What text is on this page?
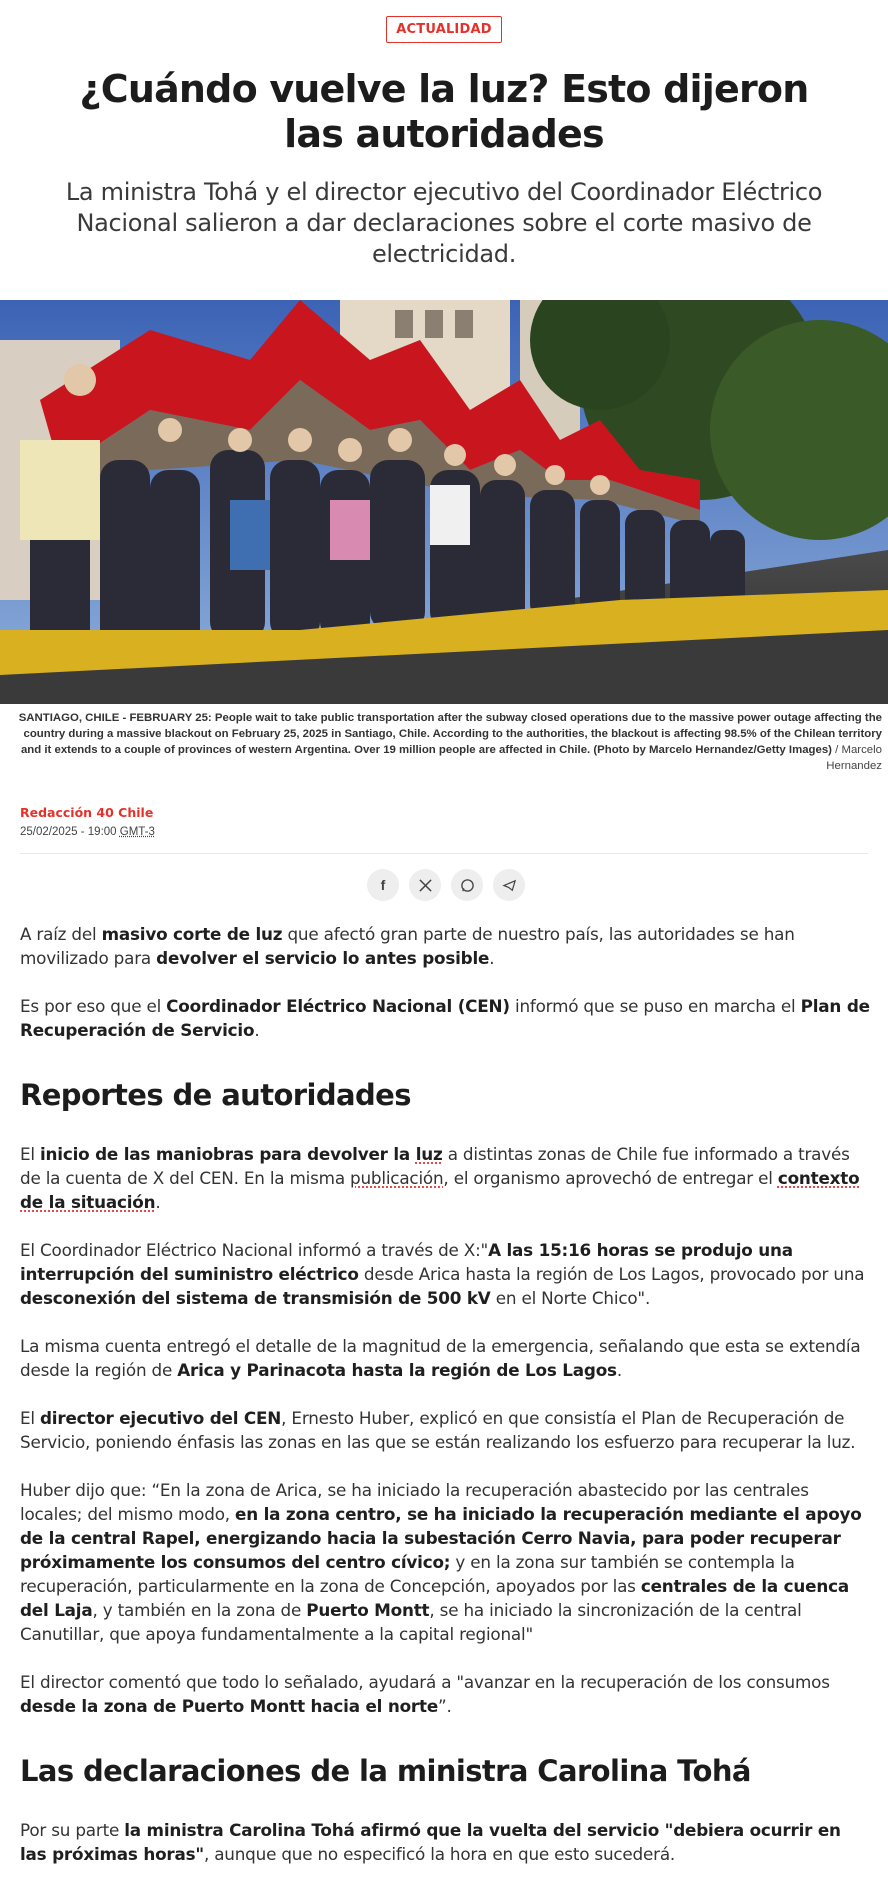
ACTUALIDAD
¿Cuándo vuelve la luz? Esto dijeron las autoridades

La ministra Tohá y el director ejecutivo del Coordinador Eléctrico Nacional salieron a dar declaraciones sobre el corte masivo de electricidad.

SANTIAGO, CHILE - FEBRUARY 25: People wait to take public transportation after the subway closed operations due to the massive power outage affecting the country during a massive blackout on February 25, 2025 in Santiago, Chile. According to the authorities, the blackout is affecting 98.5% of the Chilean territory and it extends to a couple of provinces of western Argentina. Over 19 million people are affected in Chile. (Photo by Marcelo Hernandez/Getty Images) / Marcelo Hernandez
Redacción 40 Chile
25/02/2025 - 19:00 GMT-3
f

A raíz del masivo corte de luz que afectó gran parte de nuestro país, las autoridades se han movilizado para devolver el servicio lo antes posible.

Es por eso que el Coordinador Eléctrico Nacional (CEN) informó que se puso en marcha el Plan de Recuperación de Servicio.

Reportes de autoridades

El inicio de las maniobras para devolver la luz a distintas zonas de Chile fue informado a través de la cuenta de X del CEN. En la misma publicación, el organismo aprovechó de entregar el contexto de la situación.

El Coordinador Eléctrico Nacional informó a través de X:"A las 15:16 horas se produjo una interrupción del suministro eléctrico desde Arica hasta la región de Los Lagos, provocado por una desconexión del sistema de transmisión de 500 kV en el Norte Chico".

La misma cuenta entregó el detalle de la magnitud de la emergencia, señalando que esta se extendía desde la región de Arica y Parinacota hasta la región de Los Lagos.

El director ejecutivo del CEN, Ernesto Huber, explicó en que consistía el Plan de Recuperación de Servicio, poniendo énfasis las zonas en las que se están realizando los esfuerzo para recuperar la luz.

Huber dijo que: “En la zona de Arica, se ha iniciado la recuperación abastecido por las centrales locales; del mismo modo, en la zona centro, se ha iniciado la recuperación mediante el apoyo de la central Rapel, energizando hacia la subestación Cerro Navia, para poder recuperar próximamente los consumos del centro cívico; y en la zona sur también se contempla la recuperación, particularmente en la zona de Concepción, apoyados por las centrales de la cuenca del Laja, y también en la zona de Puerto Montt, se ha iniciado la sincronización de la central Canutillar, que apoya fundamentalmente a la capital regional"

El director comentó que todo lo señalado, ayudará a "avanzar en la recuperación de los consumos desde la zona de Puerto Montt hacia el norte”.

Las declaraciones de la ministra Carolina Tohá

Por su parte la ministra Carolina Tohá afirmó que la vuelta del servicio "debiera ocurrir en las próximas horas", aunque que no especificó la hora en que esto sucederá.
